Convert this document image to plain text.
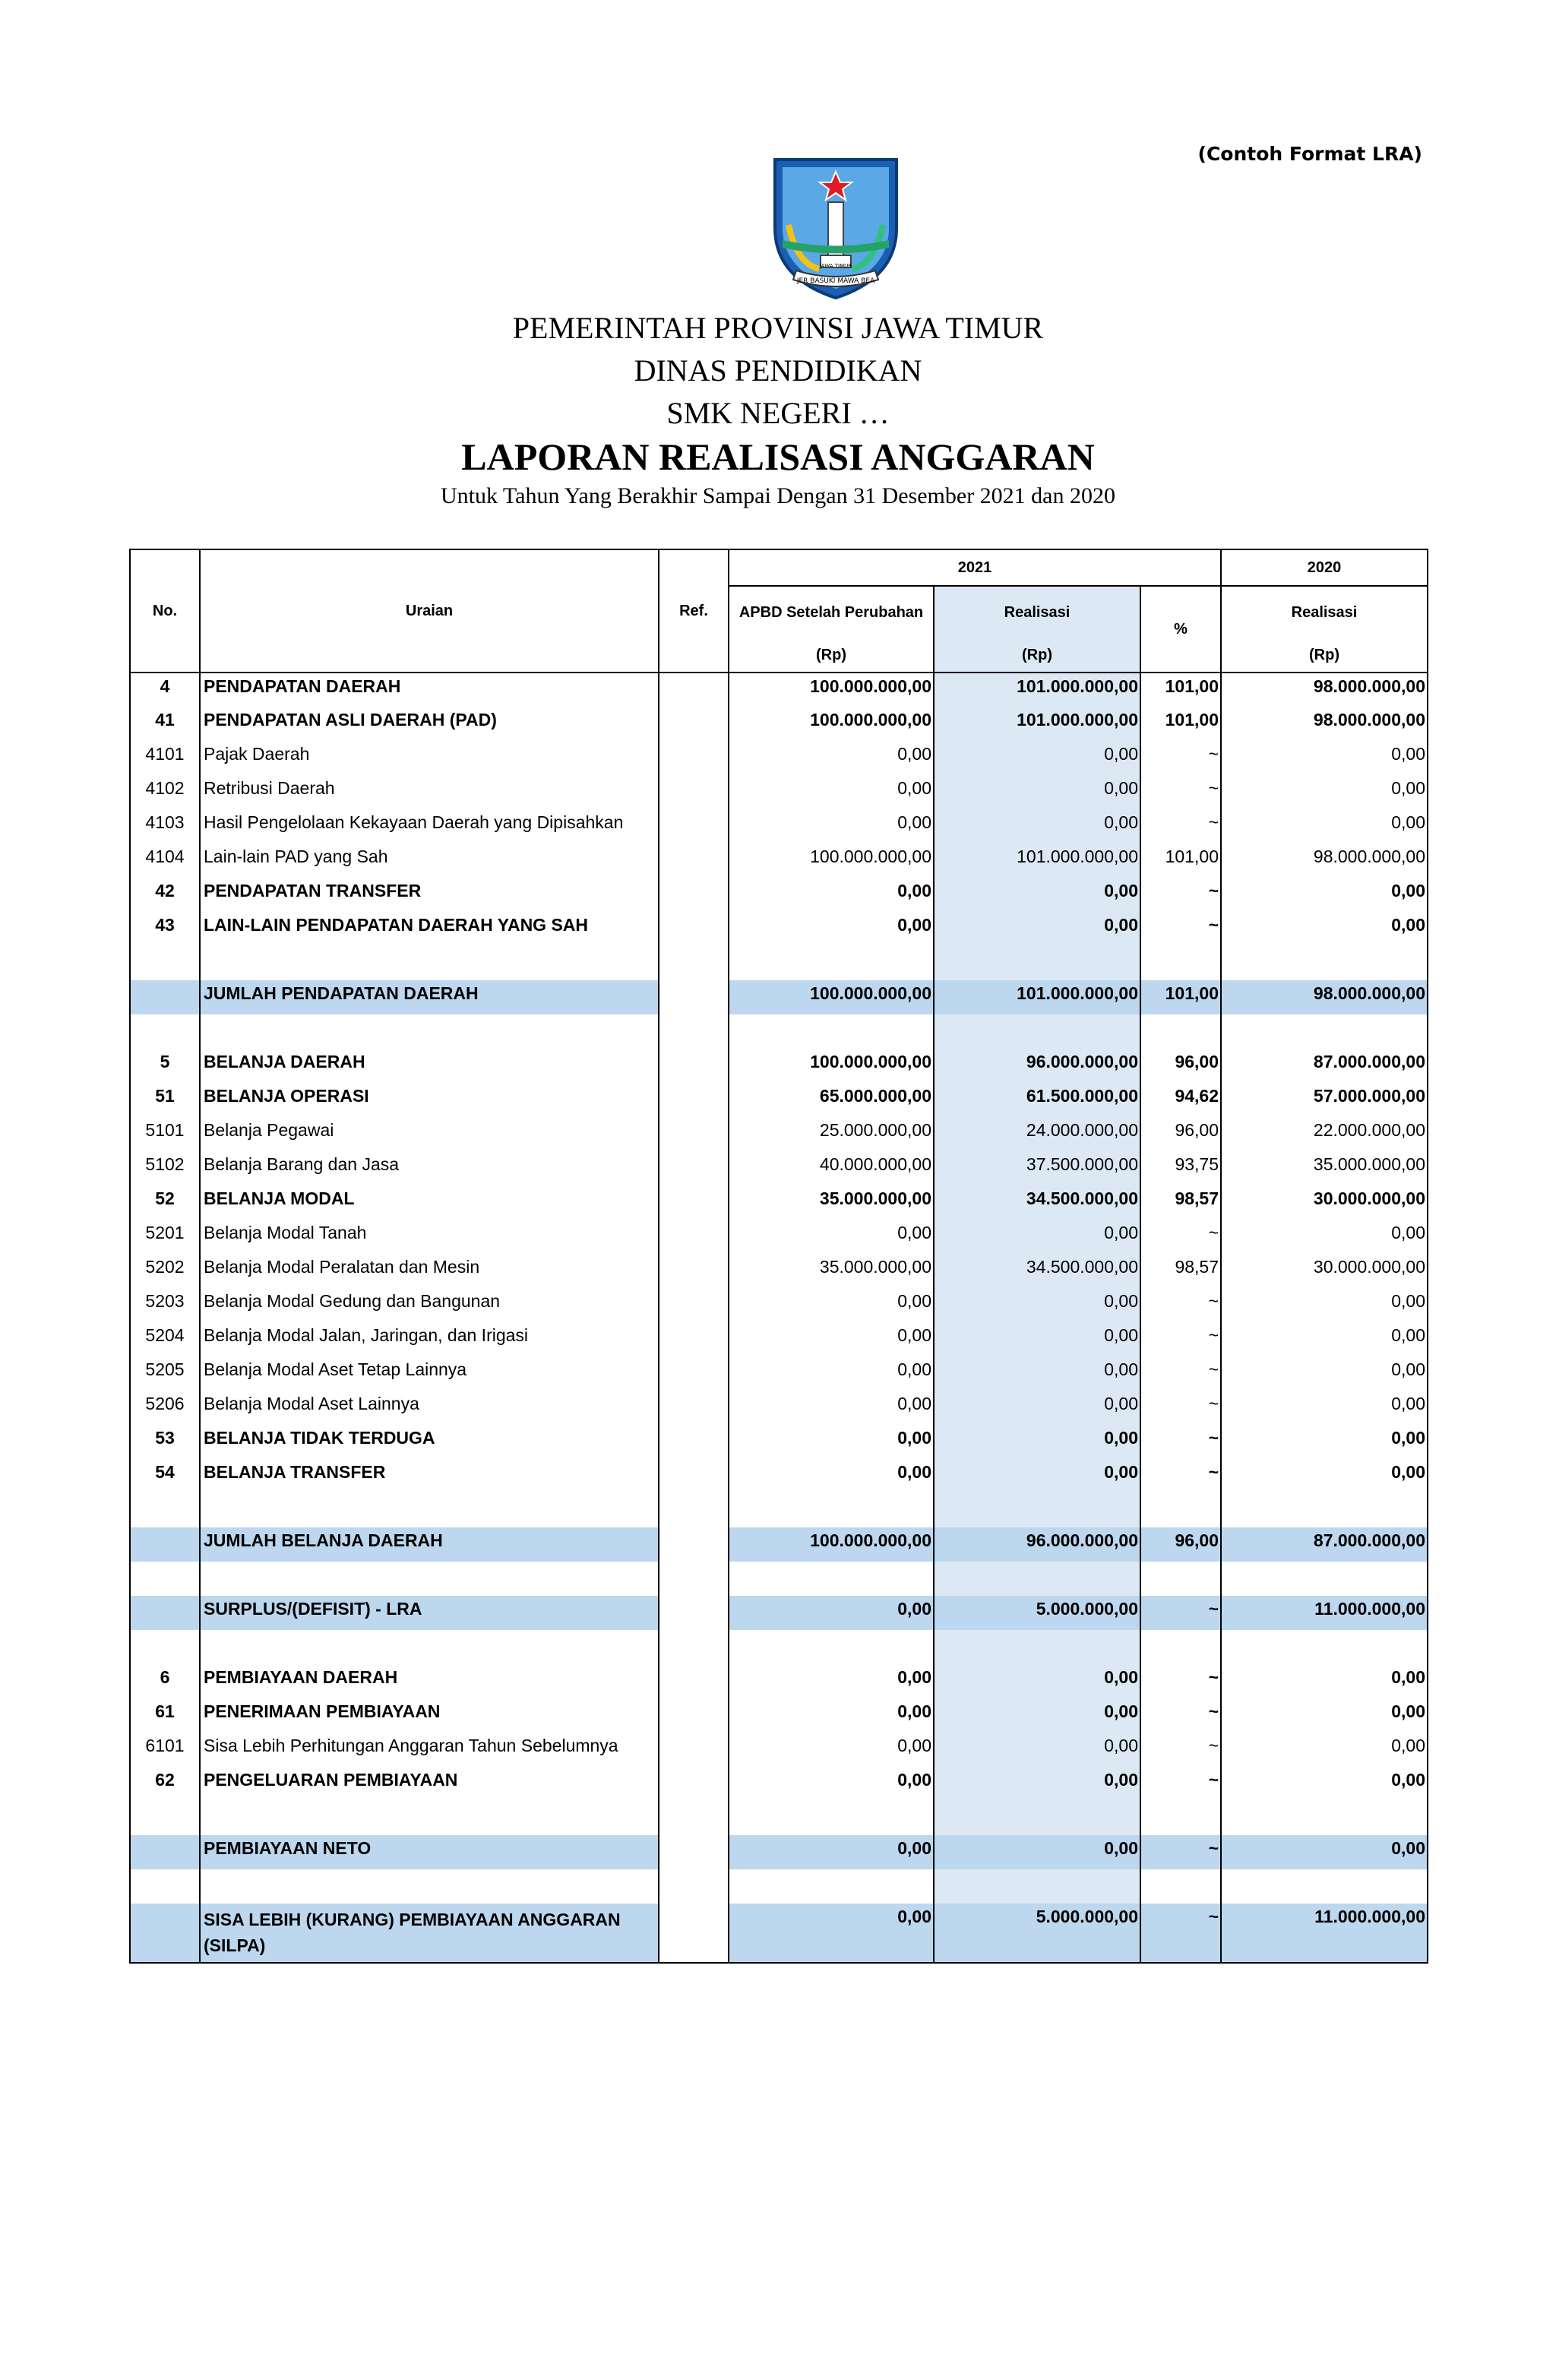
(Contoh Format LRA)
JER BASUKI MAWA BEA
JAWA TIMUR
PEMERINTAH PROVINSI JAWA TIMUR
DINAS PENDIDIKAN
SMK NEGERI …
LAPORAN REALISASI ANGGARAN
Untuk Tahun Yang Berakhir Sampai Dengan 31 Desember 2021 dan 2020
No.	Uraian	Ref.	2021			2020
			APBD Setelah Perubahan	Realisasi	%	Realisasi
			(Rp)	(Rp)		(Rp)
4	PENDAPATAN DAERAH		100.000.000,00	101.000.000,00	101,00	98.000.000,00
41	PENDAPATAN ASLI DAERAH (PAD)		100.000.000,00	101.000.000,00	101,00	98.000.000,00
4101	Pajak Daerah		0,00	0,00	~	0,00
4102	Retribusi Daerah		0,00	0,00	~	0,00
4103	Hasil Pengelolaan Kekayaan Daerah yang Dipisahkan		0,00	0,00	~	0,00
4104	Lain-lain PAD yang Sah		100.000.000,00	101.000.000,00	101,00	98.000.000,00
42	PENDAPATAN TRANSFER		0,00	0,00	~	0,00
43	LAIN-LAIN PENDAPATAN DAERAH YANG SAH		0,00	0,00	~	0,00

	JUMLAH PENDAPATAN DAERAH		100.000.000,00	101.000.000,00	101,00	98.000.000,00

5	BELANJA DAERAH		100.000.000,00	96.000.000,00	96,00	87.000.000,00
51	BELANJA OPERASI		65.000.000,00	61.500.000,00	94,62	57.000.000,00
5101	Belanja Pegawai		25.000.000,00	24.000.000,00	96,00	22.000.000,00
5102	Belanja Barang dan Jasa		40.000.000,00	37.500.000,00	93,75	35.000.000,00
52	BELANJA MODAL		35.000.000,00	34.500.000,00	98,57	30.000.000,00
5201	Belanja Modal Tanah		0,00	0,00	~	0,00
5202	Belanja Modal Peralatan dan Mesin		35.000.000,00	34.500.000,00	98,57	30.000.000,00
5203	Belanja Modal Gedung dan Bangunan		0,00	0,00	~	0,00
5204	Belanja Modal Jalan, Jaringan, dan Irigasi		0,00	0,00	~	0,00
5205	Belanja Modal Aset Tetap Lainnya		0,00	0,00	~	0,00
5206	Belanja Modal Aset Lainnya		0,00	0,00	~	0,00
53	BELANJA TIDAK TERDUGA		0,00	0,00	~	0,00
54	BELANJA TRANSFER		0,00	0,00	~	0,00

	JUMLAH BELANJA DAERAH		100.000.000,00	96.000.000,00	96,00	87.000.000,00

	SURPLUS/(DEFISIT) - LRA		0,00	5.000.000,00	~	11.000.000,00

6	PEMBIAYAAN DAERAH		0,00	0,00	~	0,00
61	PENERIMAAN PEMBIAYAAN		0,00	0,00	~	0,00
6101	Sisa Lebih Perhitungan Anggaran Tahun Sebelumnya		0,00	0,00	~	0,00
62	PENGELUARAN PEMBIAYAAN		0,00	0,00	~	0,00

	PEMBIAYAAN NETO		0,00	0,00	~	0,00

	SISA LEBIH (KURANG) PEMBIAYAAN ANGGARAN (SILPA)		0,00	5.000.000,00	~	11.000.000,00
